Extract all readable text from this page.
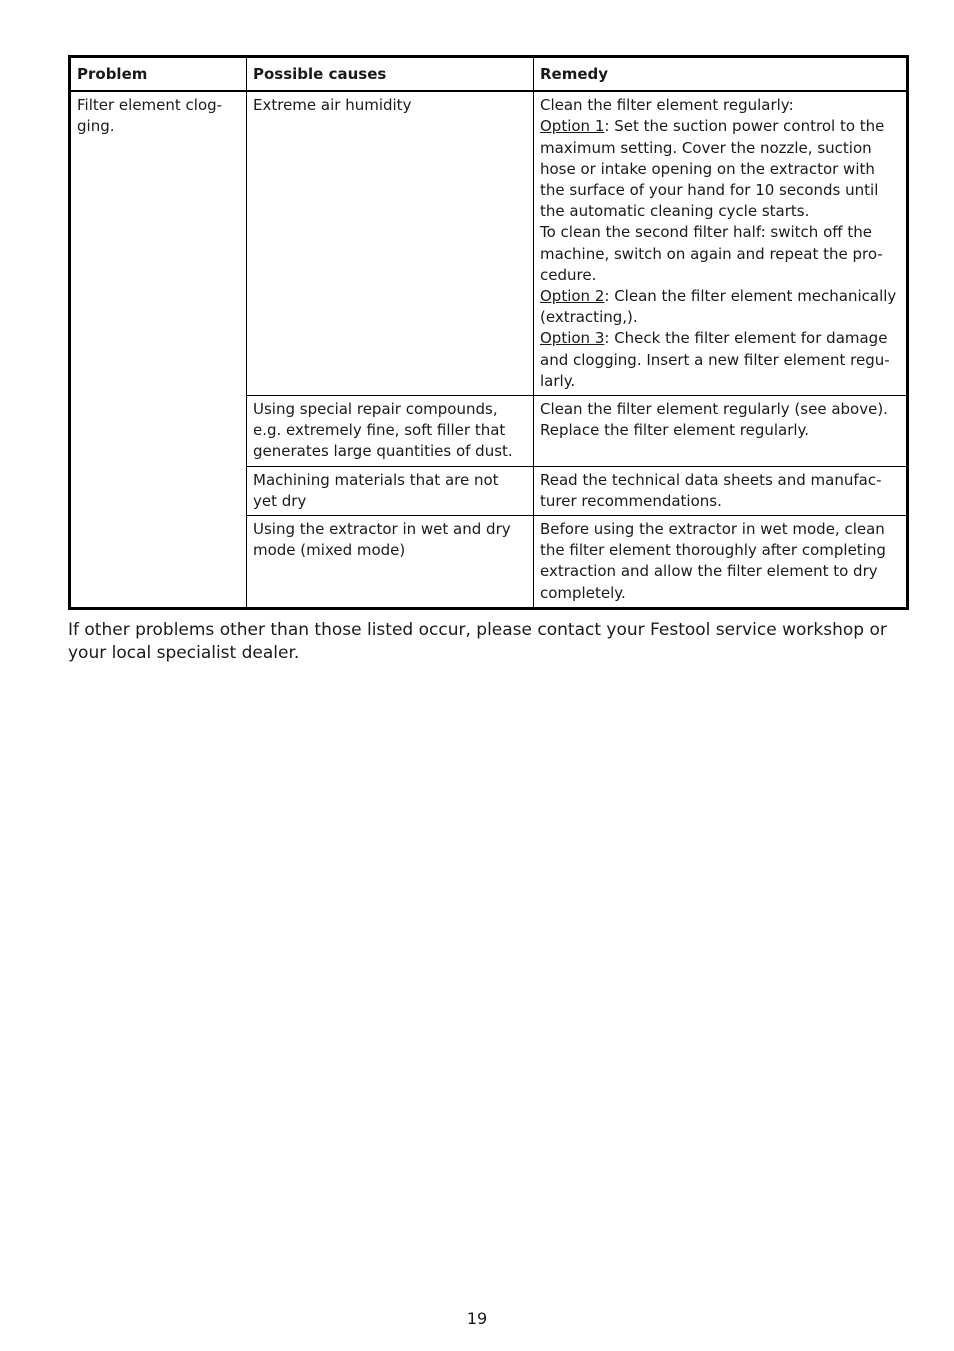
Problem	Possible causes	Remedy
Filter element clog-ging.	Extreme air humidity	Clean the filter element regularly:
Option 1: Set the suction power control to the maximum setting. Cover the nozzle, suction hose or intake opening on the extractor with the surface of your hand for 10 seconds until the automatic cleaning cycle starts.
To clean the second filter half: switch off the machine, switch on again and repeat the pro-cedure.
Option 2: Clean the filter element mechanically (extracting,).
Option 3: Check the filter element for damage and clogging. Insert a new filter element regu-larly.

	Using special repair compounds, e.g. extremely fine, soft filler that generates large quantities of dust.	Clean the filter element regularly (see above). Replace the filter element regularly.
	Machining materials that are not yet dry	Read the technical data sheets and manufac-turer recommendations.
	Using the extractor in wet and dry mode (mixed mode)	Before using the extractor in wet mode, clean the filter element thoroughly after completing extraction and allow the filter element to dry completely.

If other problems other than those listed occur, please contact your Festool service workshop or your local specialist dealer.

19
